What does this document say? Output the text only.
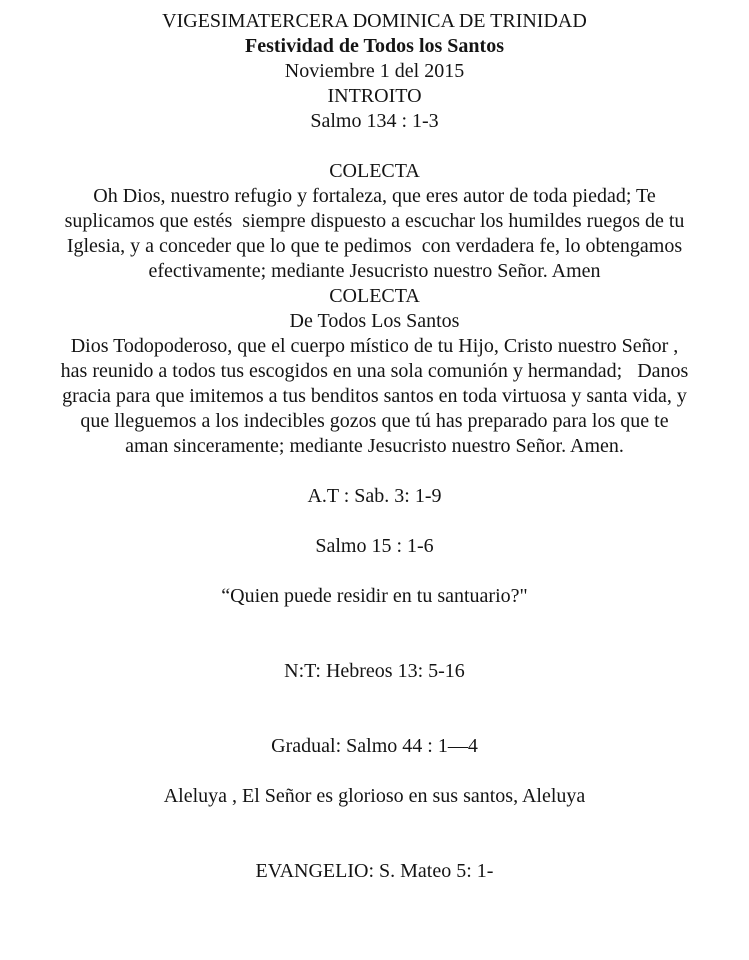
VIGESIMATERCERA DOMINICA DE TRINIDAD
Festividad de Todos los Santos
Noviembre 1 del 2015
INTROITO
Salmo 134 : 1-3
COLECTA
Oh Dios, nuestro refugio y fortaleza, que eres autor de toda piedad; Te
suplicamos que estés  siempre dispuesto a escuchar los humildes ruegos de tu
Iglesia, y a conceder que lo que te pedimos  con verdadera fe, lo obtengamos
efectivamente; mediante Jesucristo nuestro Señor. Amen
COLECTA
De Todos Los Santos
Dios Todopoderoso, que el cuerpo místico de tu Hijo, Cristo nuestro Señor ,
has reunido a todos tus escogidos en una sola comunión y hermandad;   Danos
gracia para que imitemos a tus benditos santos en toda virtuosa y santa vida, y
que lleguemos a los indecibles gozos que tú has preparado para los que te
aman sinceramente; mediante Jesucristo nuestro Señor. Amen.
A.T : Sab. 3: 1-9
Salmo 15 : 1-6
“Quien puede residir en tu santuario?"
N:T: Hebreos 13: 5-16
Gradual: Salmo 44 : 1—4
Aleluya , El Señor es glorioso en sus santos, Aleluya
EVANGELIO: S. Mateo 5: 1-
